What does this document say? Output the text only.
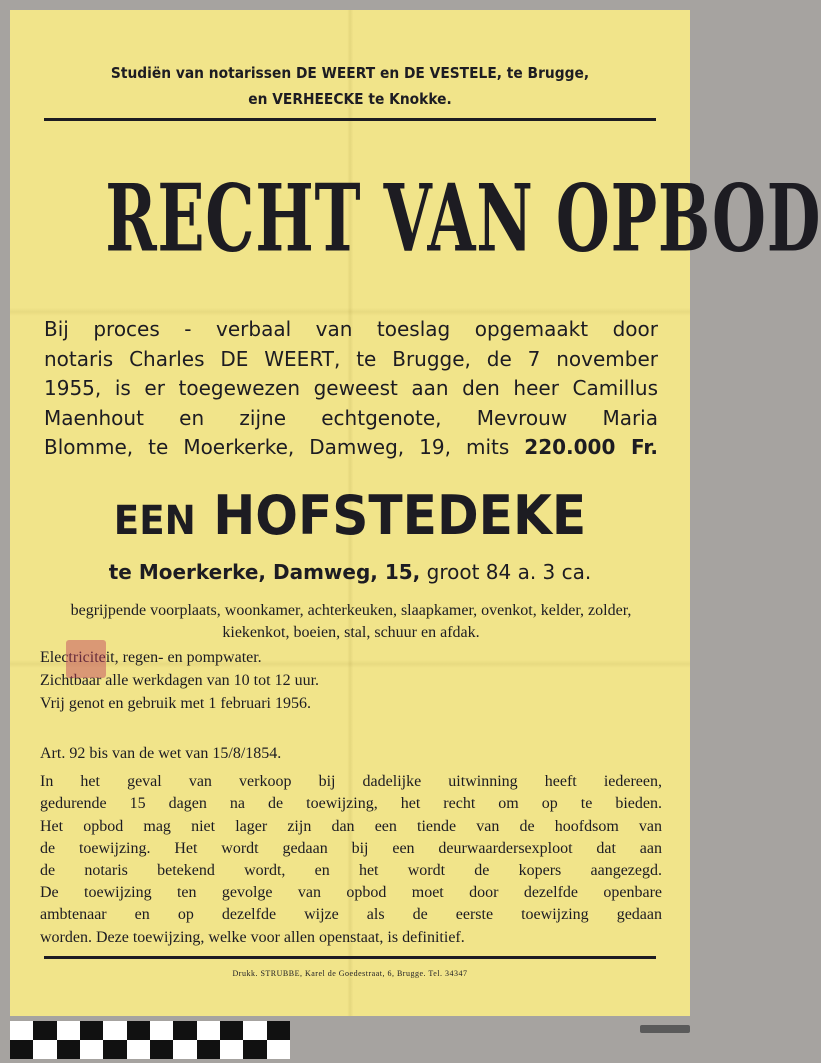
Studiën van notarissen DE WEERT en DE VESTELE, te Brugge,
en VERHEECKE te Knokke.
RECHT VAN OPBOD
Bij proces - verbaal van toeslag opgemaakt door
notaris Charles DE WEERT, te Brugge, de 7 november
1955, is er toegewezen geweest aan den heer Camillus
Maenhout en zijne echtgenote, Mevrouw Maria
Blomme, te Moerkerke, Damweg, 19, mits 220.000 Fr.
EEN HOFSTEDEKE
te Moerkerke, Damweg, 15, groot 84 a. 3 ca.
begrijpende voorplaats, woonkamer, achterkeuken, slaapkamer, ovenkot, kelder, zolder, kiekenkot, boeien, stal, schuur en afdak.
Electriciteit, regen- en pompwater.
Zichtbaar alle werkdagen van 10 tot 12 uur.
Vrij genot en gebruik met 1 februari 1956.
Art. 92 bis van de wet van 15/8/1854.
In het geval van verkoop bij dadelijke uitwinning heeft iedereen,
gedurende 15 dagen na de toewijzing, het recht om op te bieden.
Het opbod mag niet lager zijn dan een tiende van de hoofdsom van
de toewijzing. Het wordt gedaan bij een deurwaardersexploot dat aan
de notaris betekend wordt, en het wordt de kopers aangezegd.
De toewijzing ten gevolge van opbod moet door dezelfde openbare
ambtenaar en op dezelfde wijze als de eerste toewijzing gedaan
worden. Deze toewijzing, welke voor allen openstaat, is definitief.
Drukk. STRUBBE, Karel de Goedestraat, 6, Brugge. Tel. 34347
